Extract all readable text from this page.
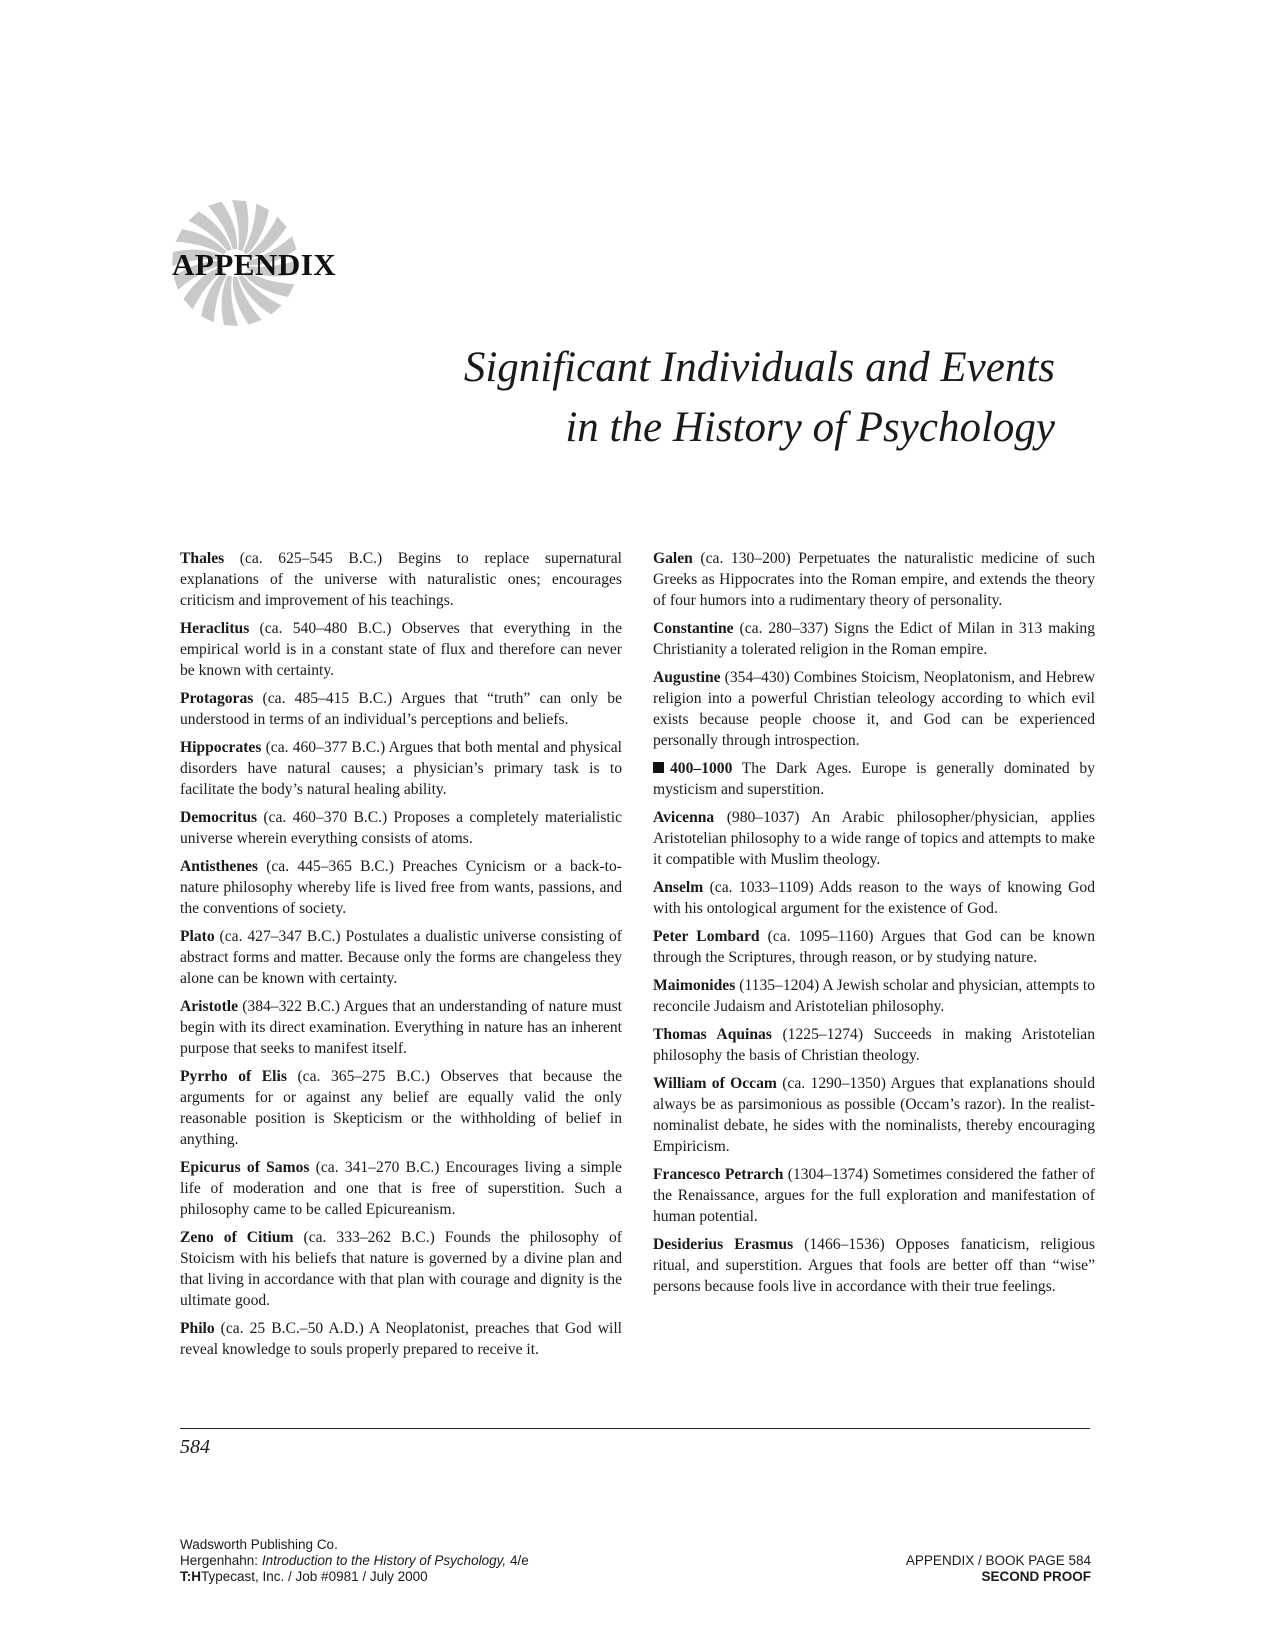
APPENDIX
Significant Individuals and Events
in the History of Psychology

Thales (ca. 625–545 B.C.) Begins to replace supernatural explanations of the universe with naturalistic ones; encourages criticism and improvement of his teachings.

Heraclitus (ca. 540–480 B.C.) Observes that everything in the empirical world is in a constant state of flux and therefore can never be known with certainty.

Protagoras (ca. 485–415 B.C.) Argues that “truth” can only be understood in terms of an individual’s perceptions and beliefs.

Hippocrates (ca. 460–377 B.C.) Argues that both mental and physical disorders have natural causes; a physician’s primary task is to facilitate the body’s natural healing ability.

Democritus (ca. 460–370 B.C.) Proposes a completely materialistic universe wherein everything consists of atoms.

Antisthenes (ca. 445–365 B.C.) Preaches Cynicism or a back-to-nature philosophy whereby life is lived free from wants, passions, and the conventions of society.

Plato (ca. 427–347 B.C.) Postulates a dualistic universe consisting of abstract forms and matter. Because only the forms are changeless they alone can be known with certainty.

Aristotle (384–322 B.C.) Argues that an understanding of nature must begin with its direct examination. Everything in nature has an inherent purpose that seeks to manifest itself.

Pyrrho of Elis (ca. 365–275 B.C.) Observes that because the arguments for or against any belief are equally valid the only reasonable position is Skepticism or the withholding of belief in anything.

Epicurus of Samos (ca. 341–270 B.C.) Encourages living a simple life of moderation and one that is free of superstition. Such a philosophy came to be called Epicureanism.

Zeno of Citium (ca. 333–262 B.C.) Founds the philosophy of Stoicism with his beliefs that nature is governed by a divine plan and that living in accordance with that plan with courage and dignity is the ultimate good.

Philo (ca. 25 B.C.–50 A.D.) A Neoplatonist, preaches that God will reveal knowledge to souls properly prepared to receive it.

Galen (ca. 130–200) Perpetuates the naturalistic medicine of such Greeks as Hippocrates into the Roman empire, and extends the theory of four humors into a rudimentary theory of personality.

Constantine (ca. 280–337) Signs the Edict of Milan in 313 making Christianity a tolerated religion in the Roman empire.

Augustine (354–430) Combines Stoicism, Neoplatonism, and Hebrew religion into a powerful Christian teleology according to which evil exists because people choose it, and God can be experienced personally through introspection.

400–1000 The Dark Ages. Europe is generally dominated by mysticism and superstition.

Avicenna (980–1037) An Arabic philosopher/physician, applies Aristotelian philosophy to a wide range of topics and attempts to make it compatible with Muslim theology.

Anselm (ca. 1033–1109) Adds reason to the ways of knowing God with his ontological argument for the existence of God.

Peter Lombard (ca. 1095–1160) Argues that God can be known through the Scriptures, through reason, or by studying nature.

Maimonides (1135–1204) A Jewish scholar and physician, attempts to reconcile Judaism and Aristotelian philosophy.

Thomas Aquinas (1225–1274) Succeeds in making Aristotelian philosophy the basis of Christian theology.

William of Occam (ca. 1290–1350) Argues that explanations should always be as parsimonious as possible (Occam’s razor). In the realist-nominalist debate, he sides with the nominalists, thereby encouraging Empiricism.

Francesco Petrarch (1304–1374) Sometimes considered the father of the Renaissance, argues for the full exploration and manifestation of human potential.

Desiderius Erasmus (1466–1536) Opposes fanaticism, religious ritual, and superstition. Argues that fools are better off than “wise” persons because fools live in accordance with their true feelings.

584

Wadsworth Publishing Co.
Hergenhahn: Introduction to the History of Psychology, 4/e
T:HTypecast, Inc. / Job #0981 / July 2000
APPENDIX / BOOK PAGE 584
SECOND PROOF
